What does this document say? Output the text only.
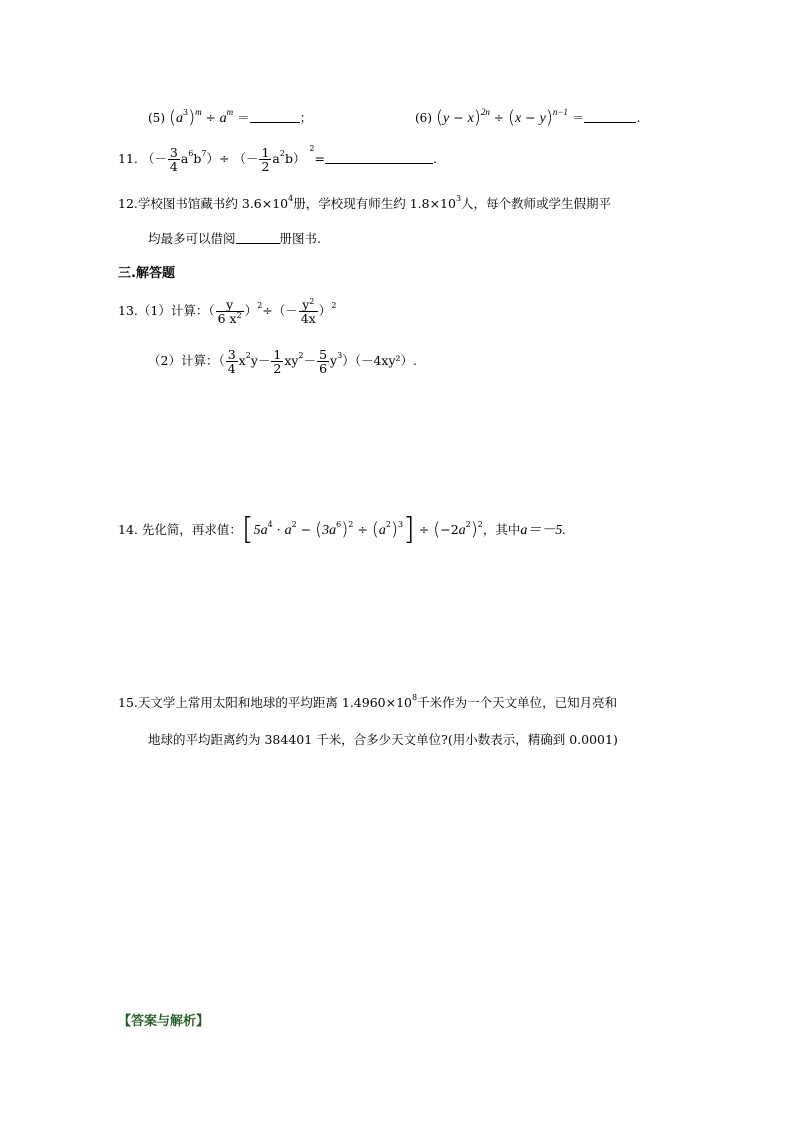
(5) $(a^3)^m \div a^m$ ＝	；	(6) $(y - x)^{2n} \div (x - y)^{n-1}$ ＝	.
11. （－ $\frac{3}{4} a^6b^7)\div$ （－ $\frac{1}{2} a^2b$） $^2$=	.
12.学校图书馆藏书约 $3.6\times 10^4$册，学校现有师生约 $1.8\times 10^3$人，每个教师或学生假期平
均最多可以借阅	册图书.
三.解答题
13.（1）计算：（ $\frac{y}{6 x^2} )^2\div(- \frac{y^2}{4x} )^2$
（2）计算：（ $\frac{3}{4} x^2y- \frac{1}{2} xy^2- \frac{5}{6} y^3)(-4xy^2)$.
14. 先化简，再求值：$[5a^4 \cdot a^2 - (3a^6)^2 \div (a^2)^3] \div (-2a^2)^2$，其中a＝－5.
15.天文学上常用太阳和地球的平均距离 $1.4960\times 10^8$千米作为一个天文单位，已知月亮和
地球的平均距离约为 384401 千米，合多少天文单位?(用小数表示，精确到 0.0001)
【答案与解析】
